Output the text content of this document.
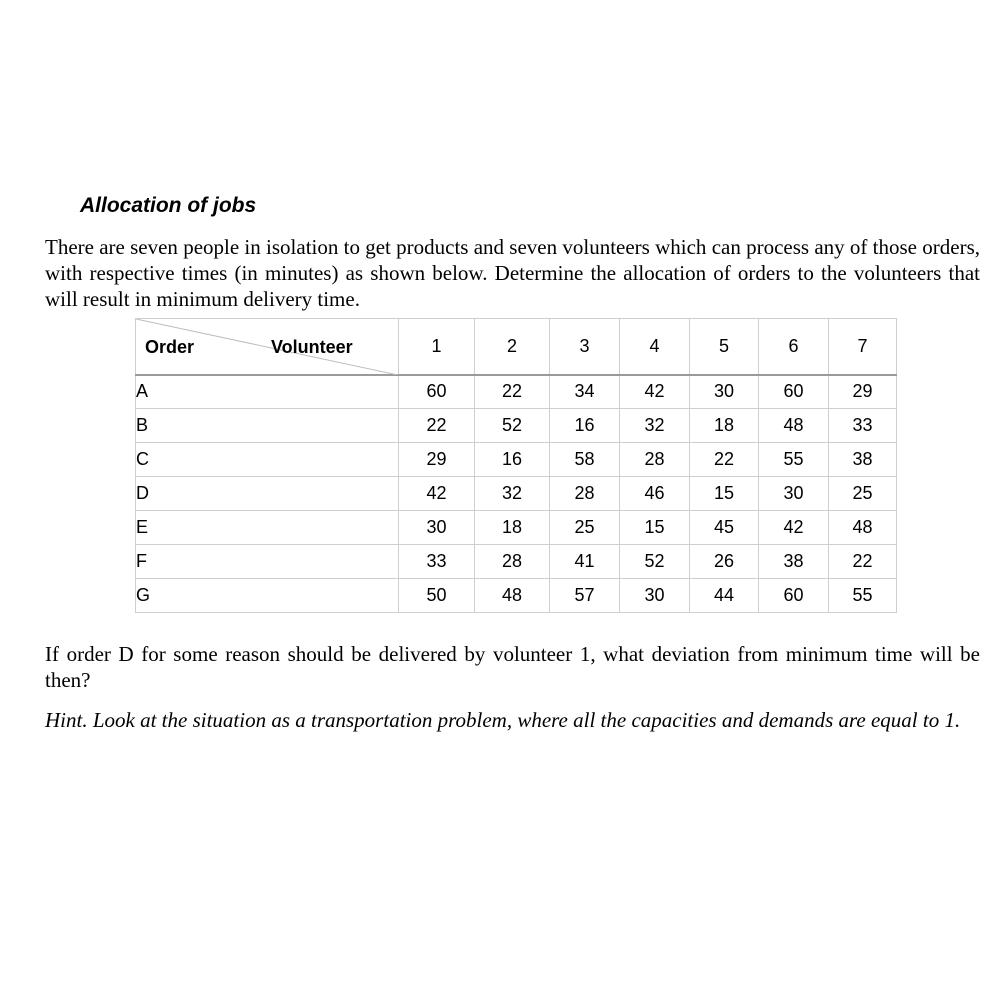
Allocation of jobs
There are seven people in isolation to get products and seven volunteers which can process any of those orders, with respective times (in minutes) as shown below. Determine the allocation of orders to the volunteers that will result in minimum delivery time.
Order Volunteer	1	2	3	4	5	6	7
A	60	22	34	42	30	60	29
B	22	52	16	32	18	48	33
C	29	16	58	28	22	55	38
D	42	32	28	46	15	30	25
E	30	18	25	15	45	42	48
F	33	28	41	52	26	38	22
G	50	48	57	30	44	60	55
If order D for some reason should be delivered by volunteer 1, what deviation from minimum time will be then?
Hint. Look at the situation as a transportation problem, where all the capacities and demands are equal to 1.
